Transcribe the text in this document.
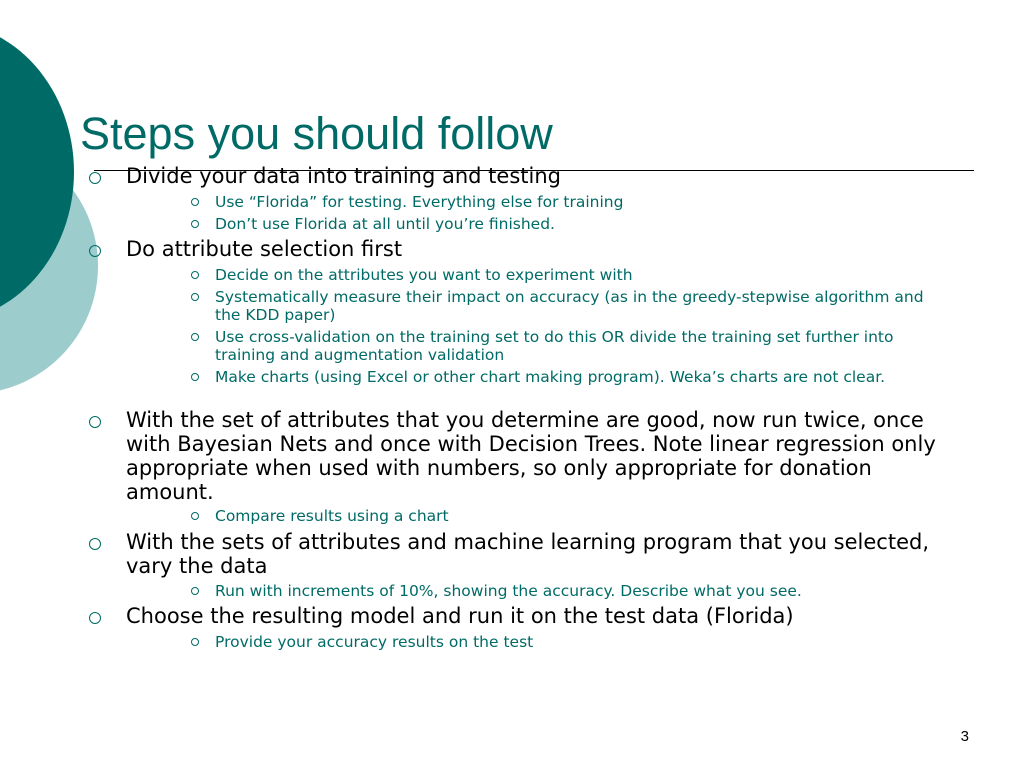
Steps you should follow

Divide your data into training and testing

Use “Florida” for testing. Everything else for training

Don’t use Florida at all until you’re finished.

Do attribute selection first

Decide on the attributes you want to experiment with

Systematically measure their impact on accuracy (as in the greedy-stepwise algorithm and the KDD paper)

Use cross-validation on the training set to do this OR divide the training set further into training and augmentation validation

Make charts (using Excel or other chart making program). Weka’s charts are not clear.

With the set of attributes that you determine are good, now run twice, once with Bayesian Nets and once with Decision Trees. Note linear regression only appropriate when used with numbers, so only appropriate for donation amount.

Compare results using a chart

With the sets of attributes and machine learning program that you selected, vary the data

Run with increments of 10%, showing the accuracy. Describe what you see.

Choose the resulting model and run it on the test data (Florida)

Provide your accuracy results on the test

3
